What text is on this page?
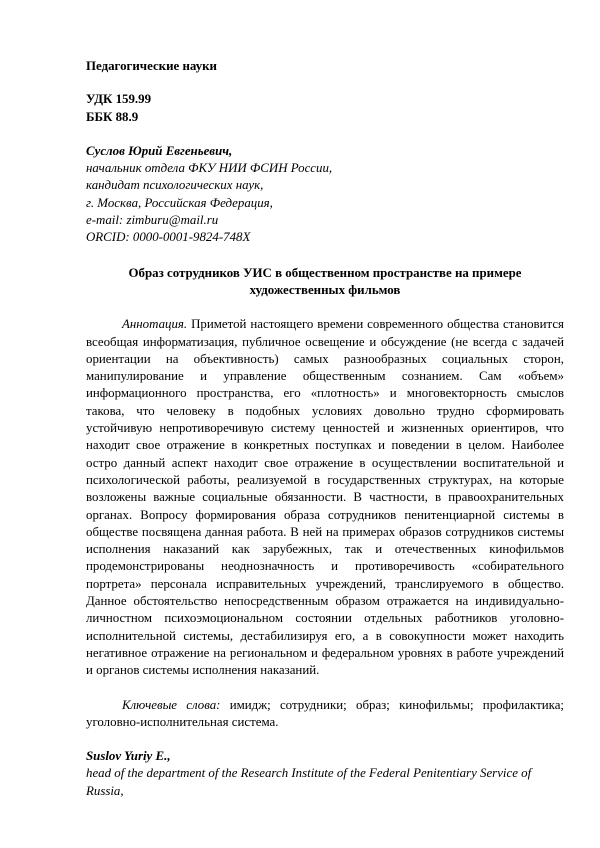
Педагогические науки
УДК 159.99
ББК 88.9
Суслов Юрий Евгеньевич,
начальник отдела ФКУ НИИ ФСИН России,
кандидат психологических наук,
г. Москва, Российская Федерация,
e-mail: zimburu@mail.ru
ORCID: 0000-0001-9824-748X
Образ сотрудников УИС в общественном пространстве на примере художественных фильмов
Аннотация. Приметой настоящего времени современного общества становится всеобщая информатизация, публичное освещение и обсуждение (не всегда с задачей ориентации на объективность) самых разнообразных социальных сторон, манипулирование и управление общественным сознанием. Сам «объем» информационного пространства, его «плотность» и многовекторность смыслов такова, что человеку в подобных условиях довольно трудно сформировать устойчивую непротиворечивую систему ценностей и жизненных ориентиров, что находит свое отражение в конкретных поступках и поведении в целом. Наиболее остро данный аспект находит свое отражение в осуществлении воспитательной и психологической работы, реализуемой в государственных структурах, на которые возложены важные социальные обязанности. В частности, в правоохранительных органах. Вопросу формирования образа сотрудников пенитенциарной системы в обществе посвящена данная работа. В ней на примерах образов сотрудников системы исполнения наказаний как зарубежных, так и отечественных кинофильмов продемонстрированы неоднозначность и противоречивость «собирательного портрета» персонала исправительных учреждений, транслируемого в общество. Данное обстоятельство непосредственным образом отражается на индивидуально-личностном психоэмоциональном состоянии отдельных работников уголовно-исполнительной системы, дестабилизируя его, а в совокупности может находить негативное отражение на региональном и федеральном уровнях в работе учреждений и органов системы исполнения наказаний.
Ключевые слова: имидж; сотрудники; образ; кинофильмы; профилактика; уголовно-исполнительная система.
Suslov Yuriy E.,
head of the department of the Research Institute of the Federal Penitentiary Service of Russia,
